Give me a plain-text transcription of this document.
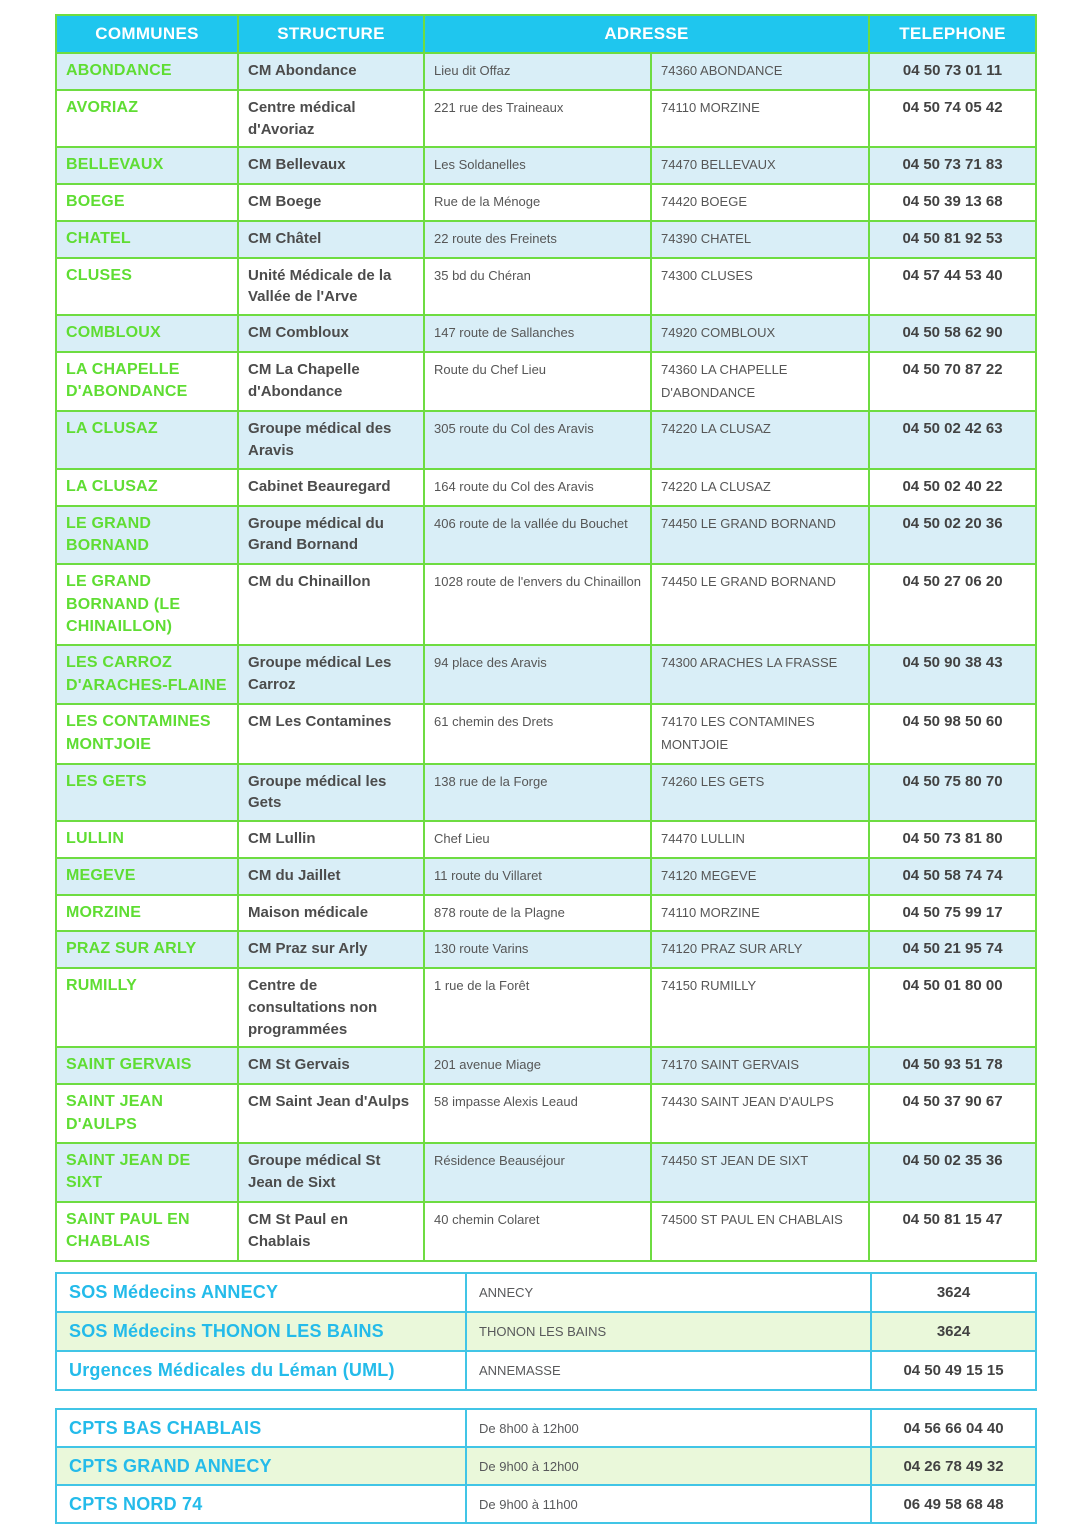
COMMUNES	STRUCTURE	ADRESSE		TELEPHONE
ABONDANCE	CM Abondance	Lieu dit Offaz	74360 ABONDANCE	04 50 73 01 11
AVORIAZ	Centre médical d'Avoriaz	221 rue des Traineaux	74110 MORZINE	04 50 74 05 42
BELLEVAUX	CM Bellevaux	Les Soldanelles	74470 BELLEVAUX	04 50 73 71 83
BOEGE	CM Boege	Rue de la Ménoge	74420 BOEGE	04 50 39 13 68
CHATEL	CM Châtel	22 route des Freinets	74390 CHATEL	04 50 81 92 53
CLUSES	Unité Médicale de la Vallée de l'Arve	35 bd du Chéran	74300 CLUSES	04 57 44 53 40
COMBLOUX	CM Combloux	147 route de Sallanches	74920 COMBLOUX	04 50 58 62 90
LA CHAPELLE D'ABONDANCE	CM La Chapelle d'Abondance	Route du Chef Lieu	74360 LA CHAPELLE D'ABONDANCE	04 50 70 87 22
LA CLUSAZ	Groupe médical des Aravis	305 route du Col des Aravis	74220 LA CLUSAZ	04 50 02 42 63
LA CLUSAZ	Cabinet Beauregard	164 route du Col des Aravis	74220 LA CLUSAZ	04 50 02 40 22
LE GRAND BORNAND	Groupe médical du Grand Bornand	406 route de la vallée du Bouchet	74450 LE GRAND BORNAND	04 50 02 20 36
LE GRAND BORNAND (LE CHINAILLON)	CM du Chinaillon	1028 route de l'envers du Chinaillon	74450 LE GRAND BORNAND	04 50 27 06 20
LES CARROZ D'ARACHES-FLAINE	Groupe médical Les Carroz	94 place des Aravis	74300 ARACHES LA FRASSE	04 50 90 38 43
LES CONTAMINES MONTJOIE	CM Les Contamines	61 chemin des Drets	74170 LES CONTAMINES MONTJOIE	04 50 98 50 60
LES GETS	Groupe médical les Gets	138 rue de la Forge	74260 LES GETS	04 50 75 80 70
LULLIN	CM Lullin	Chef Lieu	74470 LULLIN	04 50 73 81 80
MEGEVE	CM du Jaillet	11 route du Villaret	74120 MEGEVE	04 50 58 74 74
MORZINE	Maison médicale	878 route de la Plagne	74110 MORZINE	04 50 75 99 17
PRAZ SUR ARLY	CM Praz sur Arly	130 route Varins	74120 PRAZ SUR ARLY	04 50 21 95 74
RUMILLY	Centre de consultations non programmées	1 rue de la Forêt	74150 RUMILLY	04 50 01 80 00
SAINT GERVAIS	CM St Gervais	201 avenue Miage	74170 SAINT GERVAIS	04 50 93 51 78
SAINT JEAN D'AULPS	CM Saint Jean d'Aulps	58 impasse Alexis Leaud	74430 SAINT JEAN D'AULPS	04 50 37 90 67
SAINT JEAN DE SIXT	Groupe médical St Jean de Sixt	Résidence Beauséjour	74450 ST JEAN DE SIXT	04 50 02 35 36
SAINT PAUL EN CHABLAIS	CM St Paul en Chablais	40 chemin Colaret	74500 ST PAUL EN CHABLAIS	04 50 81 15 47
SOS Médecins ANNECY	ANNECY	3624
SOS Médecins THONON LES BAINS	THONON LES BAINS	3624
Urgences Médicales du Léman (UML)	ANNEMASSE	04 50 49 15 15
CPTS BAS CHABLAIS	De 8h00 à 12h00	04 56 66 04 40
CPTS GRAND ANNECY	De 9h00 à 12h00	04 26 78 49 32
CPTS NORD 74	De 9h00 à 11h00	06 49 58 68 48
